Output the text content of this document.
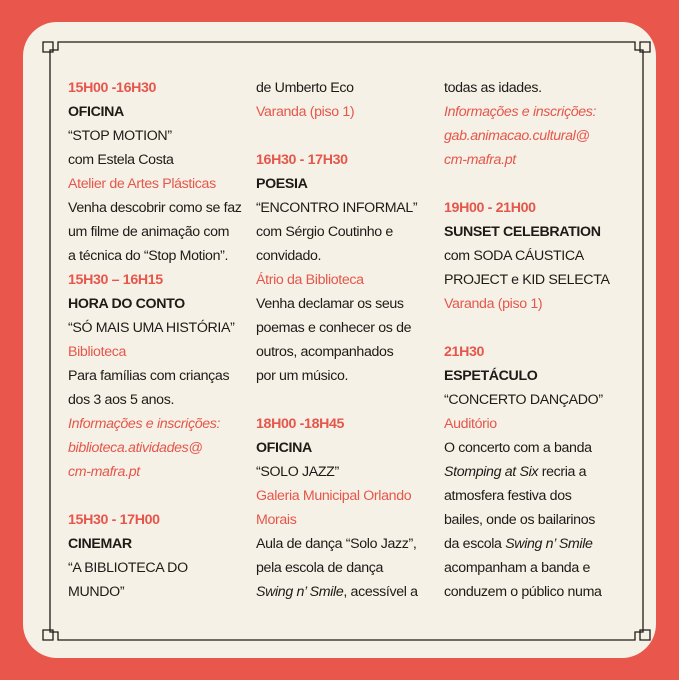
15H00 -16H30
OFICINA
“STOP MOTION”
com Estela Costa
Atelier de Artes Plásticas
Venha descobrir como se faz
um filme de animação com
a técnica do “Stop Motion”.
15H30 – 16H15
HORA DO CONTO
“SÓ MAIS UMA HISTÓRIA”
Biblioteca
Para famílias com crianças
dos 3 aos 5 anos.
Informações e inscrições:
biblioteca.atividades@
cm-mafra.pt
15H30 - 17H00
CINEMAR
“A BIBLIOTECA DO
MUNDO”
de Umberto Eco
Varanda (piso 1)
16H30 - 17H30
POESIA
“ENCONTRO INFORMAL”
com Sérgio Coutinho e
convidado.
Átrio da Biblioteca
Venha declamar os seus
poemas e conhecer os de
outros, acompanhados
por um músico.
18H00 -18H45
OFICINA
“SOLO JAZZ”
Galeria Municipal Orlando
Morais
Aula de dança “Solo Jazz”,
pela escola de dança
Swing n’ Smile, acessível a
todas as idades.
Informações e inscrições:
gab.animacao.cultural@
cm-mafra.pt
19H00 - 21H00
SUNSET CELEBRATION
com SODA CÁUSTICA
PROJECT e KID SELECTA
Varanda (piso 1)
21H30
ESPETÁCULO
“CONCERTO DANÇADO”
Auditório
O concerto com a banda
Stomping at Six recria a
atmosfera festiva dos
bailes, onde os bailarinos
da escola Swing n’ Smile
acompanham a banda e
conduzem o público numa
